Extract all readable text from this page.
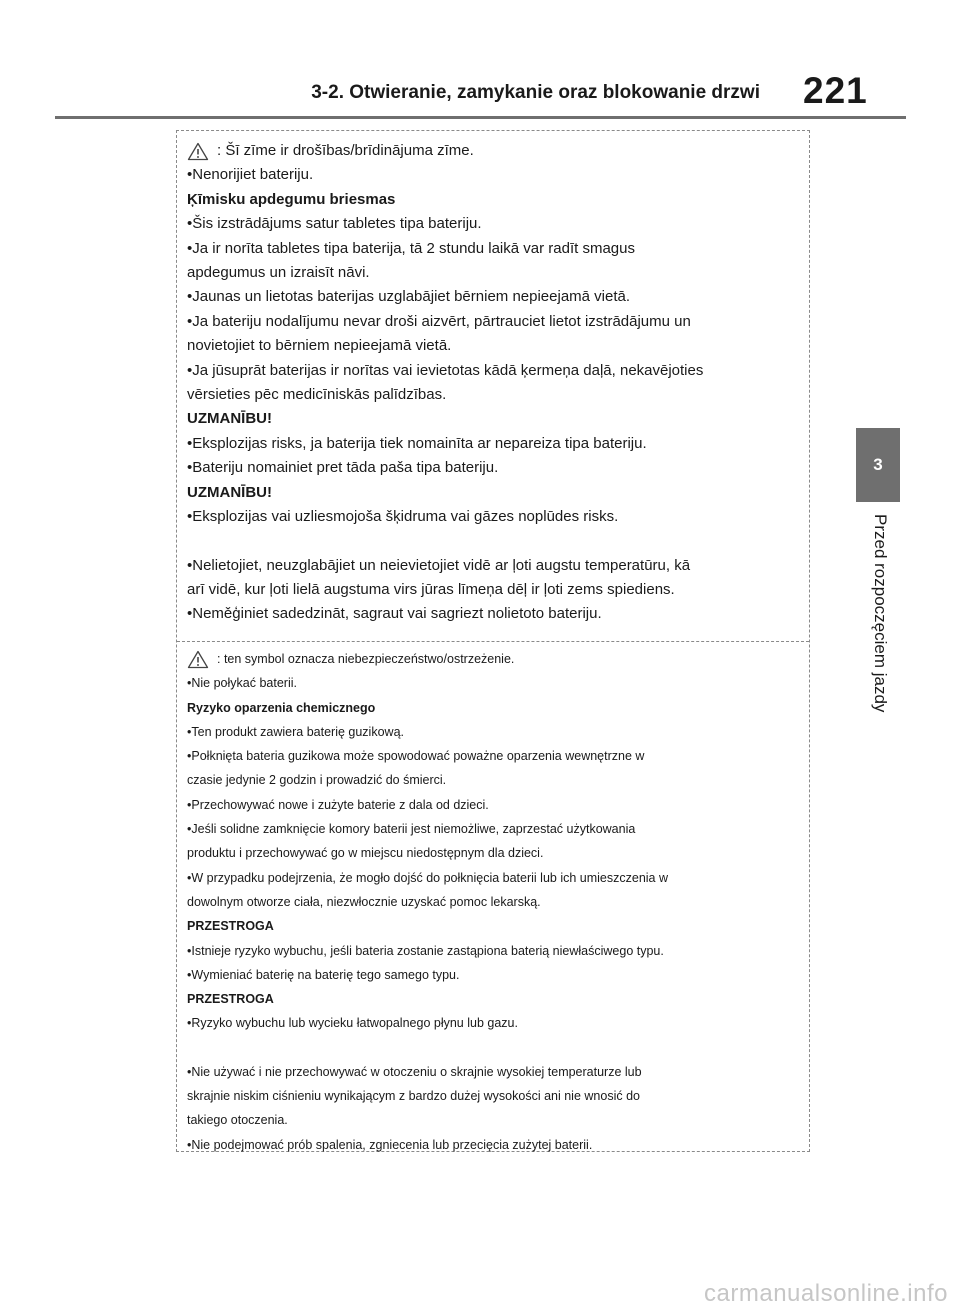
3-2. Otwieranie, zamykanie oraz blokowanie drzwi 221
3
Przed rozpoczęciem jazdy
: Šī zīme ir drošības/brīdinājuma zīme.
•Nenorijiet bateriju.
Ķīmisku apdegumu briesmas
•Šis izstrādājums satur tabletes tipa bateriju.
•Ja ir norīta tabletes tipa baterija, tā 2 stundu laikā var radīt smagus
apdegumus un izraisīt nāvi.
•Jaunas un lietotas baterijas uzglabājiet bērniem nepieejamā vietā.
•Ja bateriju nodalījumu nevar droši aizvērt, pārtrauciet lietot izstrādājumu un
novietojiet to bērniem nepieejamā vietā.
•Ja jūsuprāt baterijas ir norītas vai ievietotas kādā ķermeņa daļā, nekavējoties
vērsieties pēc medicīniskās palīdzības.
UZMANĪBU!
•Eksplozijas risks, ja baterija tiek nomainīta ar nepareiza tipa bateriju.
•Bateriju nomainiet pret tāda paša tipa bateriju.
UZMANĪBU!
•Eksplozijas vai uzliesmojoša šķidruma vai gāzes noplūdes risks.
•Nelietojiet, neuzglabājiet un neievietojiet vidē ar ļoti augstu temperatūru, kā
arī vidē, kur ļoti lielā augstuma virs jūras līmeņa dēļ ir ļoti zems spiediens.
•Neměģiniet sadedzināt, sagraut vai sagriezt nolietoto bateriju.
: ten symbol oznacza niebezpieczeństwo/ostrzeżenie.
•Nie połykać baterii.
Ryzyko oparzenia chemicznego
•Ten produkt zawiera baterię guzikową.
•Połknięta bateria guzikowa może spowodować poważne oparzenia wewnętrzne w
czasie jedynie 2 godzin i prowadzić do śmierci.
•Przechowywać nowe i zużyte baterie z dala od dzieci.
•Jeśli solidne zamknięcie komory baterii jest niemożliwe, zaprzestać użytkowania
produktu i przechowywać go w miejscu niedostępnym dla dzieci.
•W przypadku podejrzenia, że mogło dojść do połknięcia baterii lub ich umieszczenia w
dowolnym otworze ciała, niezwłocznie uzyskać pomoc lekarską.
PRZESTROGA
•Istnieje ryzyko wybuchu, jeśli bateria zostanie zastąpiona baterią niewłaściwego typu.
•Wymieniać baterię na baterię tego samego typu.
PRZESTROGA
•Ryzyko wybuchu lub wycieku łatwopalnego płynu lub gazu.
•Nie używać i nie przechowywać w otoczeniu o skrajnie wysokiej temperaturze lub
skrajnie niskim ciśnieniu wynikającym z bardzo dużej wysokości ani nie wnosić do
takiego otoczenia.
•Nie podejmować prób spalenia, zgniecenia lub przecięcia zużytej baterii.
carmanualsonline.info
